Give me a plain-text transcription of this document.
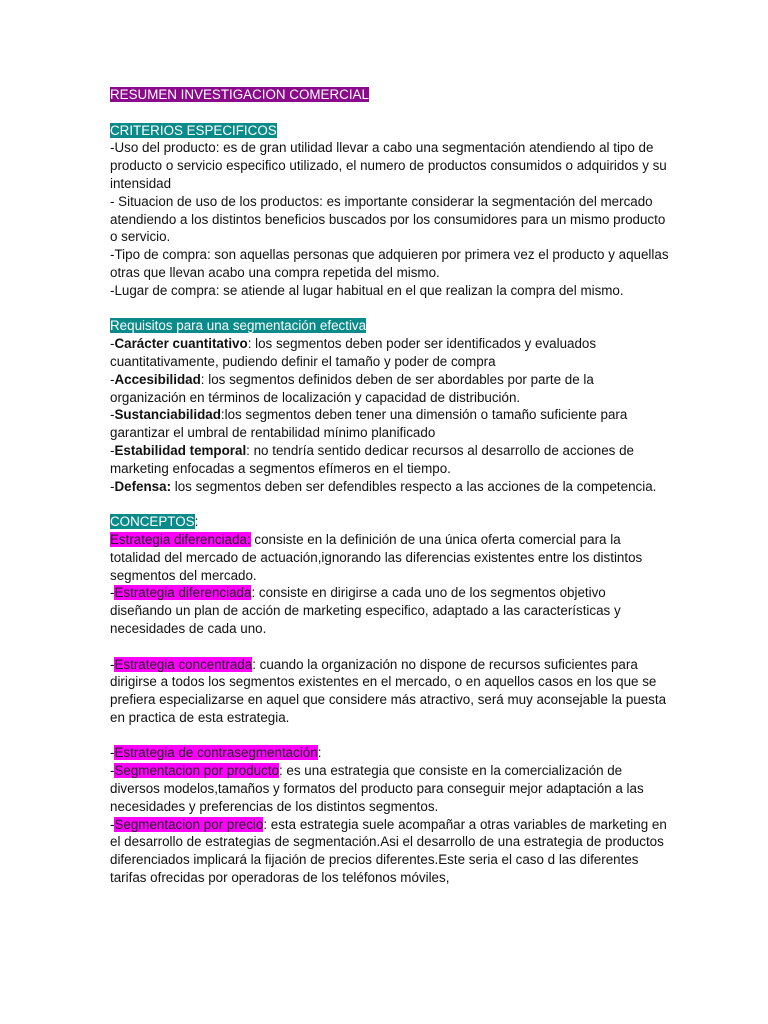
RESUMEN INVESTIGACION COMERCIAL

CRITERIOS ESPECIFICOS

-Uso del producto: es de gran utilidad llevar a cabo una segmentación atendiendo al tipo de producto o servicio especifico utilizado, el numero de productos consumidos o adquiridos y su intensidad

- Situacion de uso de los productos: es importante considerar la segmentación del mercado atendiendo a los distintos beneficios buscados por los consumidores para un mismo producto o servicio.

-Tipo de compra: son aquellas personas que adquieren por primera vez el producto y aquellas otras que llevan acabo una compra repetida del mismo.

-Lugar de compra: se atiende al lugar habitual en el que realizan la compra del mismo.

Requisitos para una segmentación efectiva

-Carácter cuantitativo: los segmentos deben poder ser identificados y evaluados cuantitativamente, pudiendo definir el tamaño y poder de compra

-Accesibilidad: los segmentos definidos deben de ser abordables por parte de la organización en términos de localización y capacidad de distribución.

-Sustanciabilidad:los segmentos deben tener una dimensión o tamaño suficiente para garantizar el umbral de rentabilidad mínimo planificado

-Estabilidad temporal: no tendría sentido dedicar recursos al desarrollo de acciones de marketing enfocadas a segmentos efímeros en el tiempo.

-Defensa: los segmentos deben ser defendibles respecto a las acciones de la competencia.

CONCEPTOS:

Estrategia diferenciada: consiste en la definición de una única oferta comercial para la totalidad del mercado de actuación,ignorando las diferencias existentes entre los distintos segmentos del mercado.

-Estrategia diferenciada: consiste en dirigirse a cada uno de los segmentos objetivo diseñando un plan de acción de marketing especifico, adaptado a las características y necesidades de cada uno.

-Estrategia concentrada: cuando la organización no dispone de recursos suficientes para dirigirse a todos los segmentos existentes en el mercado, o en aquellos casos en los que se prefiera especializarse en aquel que considere más atractivo, será muy aconsejable la puesta en practica de esta estrategia.

-Estrategia de contrasegmentación:

-Segmentacion por producto: es una estrategia que consiste en la comercialización de diversos modelos,tamaños y formatos del producto para conseguir mejor adaptación a las necesidades y preferencias de los distintos segmentos.

-Segmentacion por precio: esta estrategia suele acompañar a otras variables de marketing en el desarrollo de estrategias de segmentación.Asi el desarrollo de una estrategia de productos diferenciados implicará la fijación de precios diferentes.Este seria el caso d las diferentes tarifas ofrecidas por operadoras de los teléfonos móviles,
